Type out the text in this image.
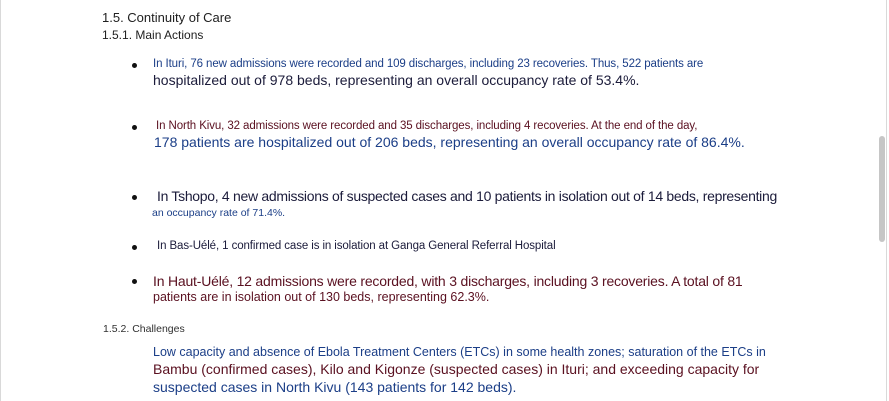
1.5. Continuity of Care
1.5.1. Main Actions
In Ituri, 76 new admissions were recorded and 109 discharges, including 23 recoveries. Thus, 522 patients are
hospitalized out of 978 beds, representing an overall occupancy rate of 53.4%.
In North Kivu, 32 admissions were recorded and 35 discharges, including 4 recoveries. At the end of the day,
178 patients are hospitalized out of 206 beds, representing an overall occupancy rate of 86.4%.
In Tshopo, 4 new admissions of suspected cases and 10 patients in isolation out of 14 beds, representing
an occupancy rate of 71.4%.
In Bas-Uélé, 1 confirmed case is in isolation at Ganga General Referral Hospital
In Haut-Uélé, 12 admissions were recorded, with 3 discharges, including 3 recoveries. A total of 81
patients are in isolation out of 130 beds, representing 62.3%.
1.5.2. Challenges
Low capacity and absence of Ebola Treatment Centers (ETCs) in some health zones; saturation of the ETCs in
Bambu (confirmed cases), Kilo and Kigonze (suspected cases) in Ituri; and exceeding capacity for
suspected cases in North Kivu (143 patients for 142 beds).
